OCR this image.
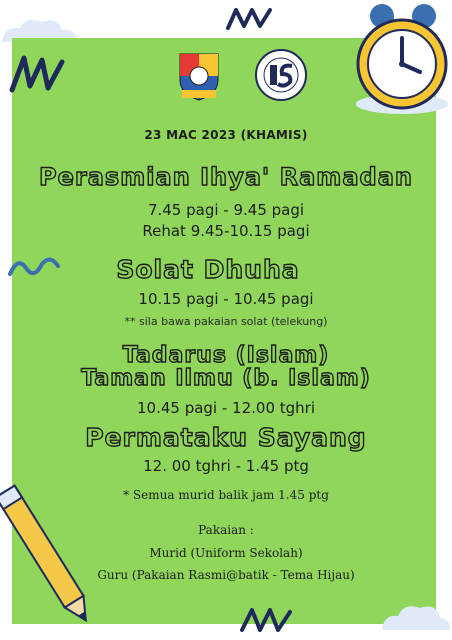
23 MAC 2023 (KHAMIS)
Perasmian Ihya' Ramadan
7.45 pagi - 9.45 pagi
Rehat 9.45-10.15 pagi
Solat Dhuha
10.15 pagi - 10.45 pagi
** sila bawa pakaian solat (telekung)
Tadarus (Islam)
Taman Ilmu (b. Islam)
10.45 pagi - 12.00 tghri
Permataku Sayang
12. 00 tghri - 1.45 ptg
* Semua murid balik jam 1.45 ptg
Pakaian :
Murid (Uniform Sekolah)
Guru (Pakaian Rasmi@batik - Tema Hijau)
